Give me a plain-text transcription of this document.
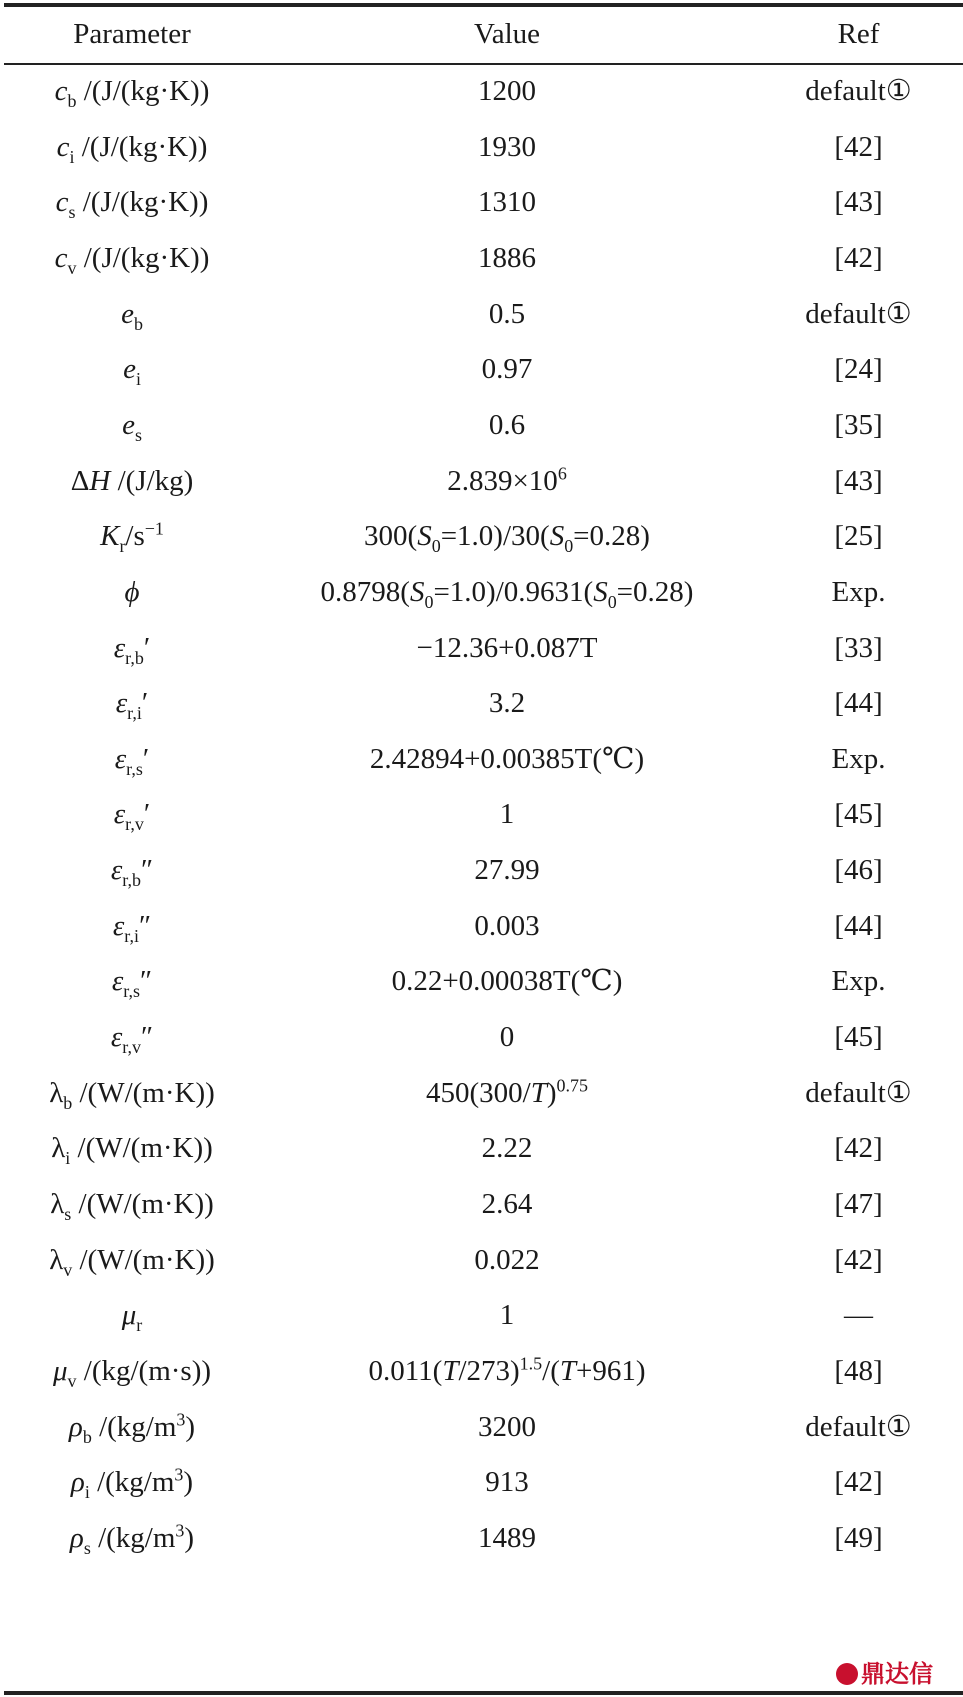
Parameter	Value	Ref
$c_b$ /(J/(kg·K))	1200	default①
$c_i$ /(J/(kg·K))	1930	[42]
$c_s$ /(J/(kg·K))	1310	[43]
$c_v$ /(J/(kg·K))	1886	[42]
$e_b$	0.5	default①
$e_i$	0.97	[24]
$e_s$	0.6	[35]
ΔH /(J/kg)	$2.839\times 10^6$	[43]
$K_r/s^{-1}$	$300(S_0=1.0)/30(S_0=0.28)$	[25]
ϕ	$0.8798(S_0=1.0)/0.9631(S_0=0.28)$	Exp.
$\varepsilon_{r,b}'$	−12.36+0.087T	[33]
$\varepsilon_{r,i}'$	3.2	[44]
$\varepsilon_{r,s}'$	2.42894+0.00385T(℃)	Exp.
$\varepsilon_{r,v}'$	1	[45]
$\varepsilon_{r,b}''$	27.99	[46]
$\varepsilon_{r,i}''$	0.003	[44]
$\varepsilon_{r,s}''$	0.22+0.00038T(℃)	Exp.
$\varepsilon_{r,v}''$	0	[45]
$\lambda_b$ /(W/(m·K))	$450(300/T)^{0.75}$	default①
$\lambda_i$ /(W/(m·K))	2.22	[42]
$\lambda_s$ /(W/(m·K))	2.64	[47]
$\lambda_v$ /(W/(m·K))	0.022	[42]
$\mu_r$	1	—
$\mu_v$ /(kg/(m·s))	$0.011(T/273)^{1.5}/(T+961)$	[48]
$\rho_b$ $/(kg/m^3)$	3200	default①
$\rho_i$ $/(kg/m^3)$	913	[42]
$\rho_s$ $/(kg/m^3)$	1489	[49]
鼎达信
